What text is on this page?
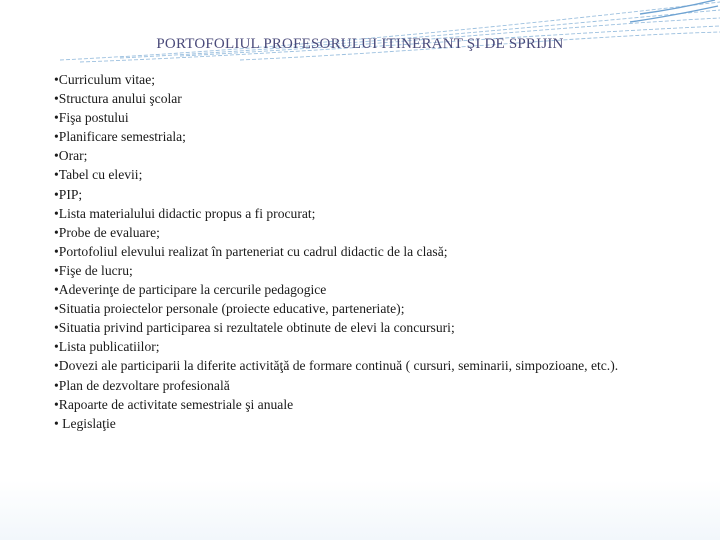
PORTOFOLIUL PROFESORULUI ITINERANT ŞI DE SPRIJIN
•Curriculum vitae;
•Structura anului şcolar
•Fişa postului
•Planificare semestriala;
•Orar;
•Tabel cu elevii;
•PIP;
•Lista materialului didactic propus a fi procurat;
•Probe de evaluare;
•Portofoliul elevului realizat în parteneriat cu cadrul didactic de la clasă;
•Fişe de lucru;
•Adeverinţe de participare la cercurile pedagogice
•Situatia proiectelor personale (proiecte educative, parteneriate);
•Situatia privind participarea si rezultatele obtinute de elevi la concursuri;
•Lista publicatiilor;
•Dovezi ale participarii la diferite activităţă de formare continuă ( cursuri, seminarii, simpozioane, etc.).
•Plan de dezvoltare profesională
•Rapoarte de activitate semestriale şi anuale
• Legislaţie
